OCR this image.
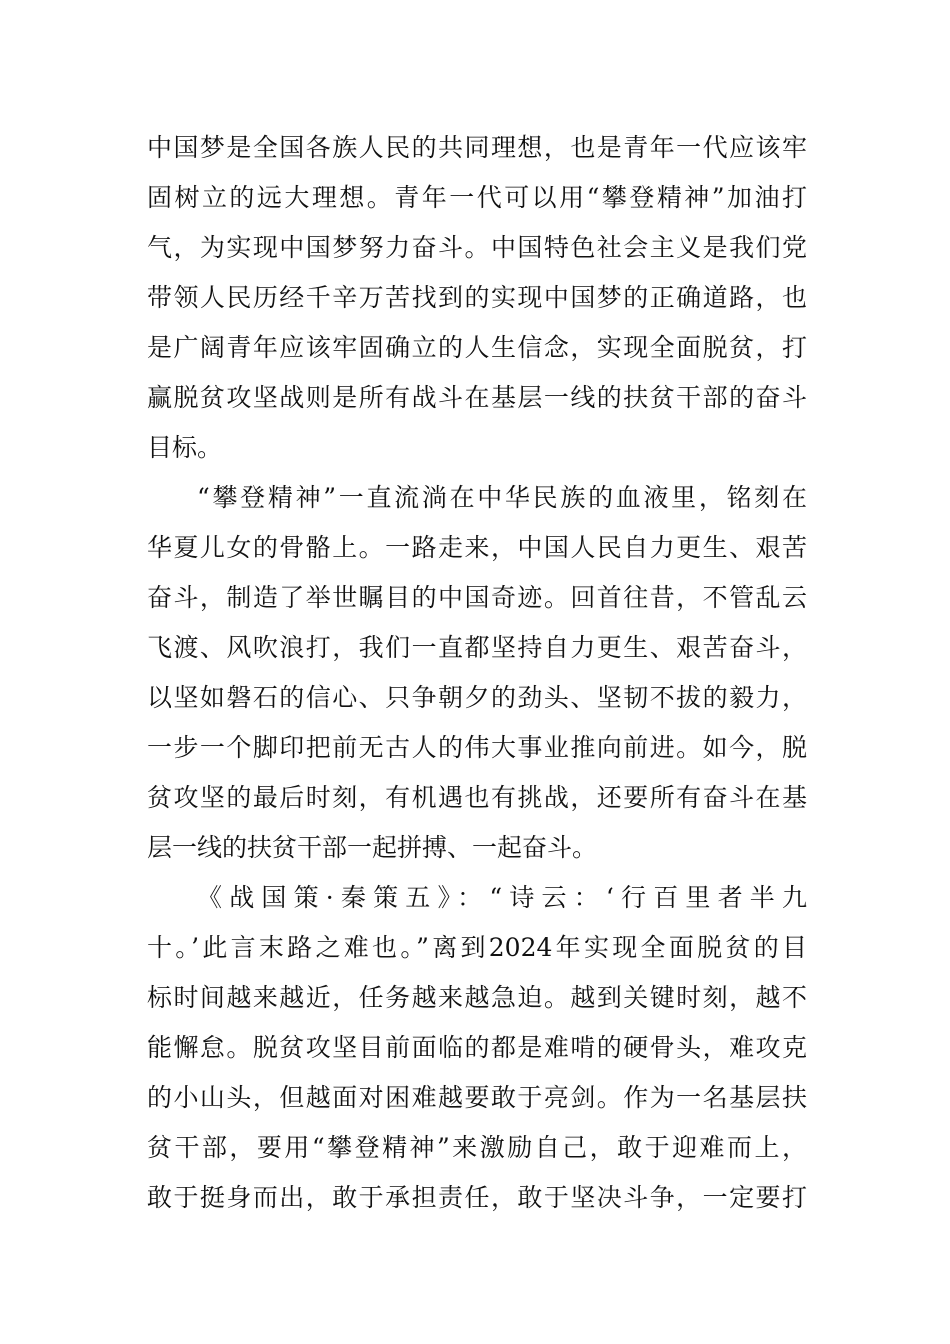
中国梦是全国各族人民的共同理想，也是青年一代应该牢
固树立的远大理想。青年一代可以用“攀登精神”加油打
气，为实现中国梦努力奋斗。中国特色社会主义是我们党
带领人民历经千辛万苦找到的实现中国梦的正确道路，也
是广阔青年应该牢固确立的人生信念，实现全面脱贫，打
赢脱贫攻坚战则是所有战斗在基层一线的扶贫干部的奋斗
目标。
“攀登精神”一直流淌在中华民族的血液里，铭刻在
华夏儿女的骨骼上。一路走来，中国人民自力更生、艰苦
奋斗，制造了举世瞩目的中国奇迹。回首往昔，不管乱云
飞渡、风吹浪打，我们一直都坚持自力更生、艰苦奋斗，
以坚如磐石的信心、只争朝夕的劲头、坚韧不拔的毅力，
一步一个脚印把前无古人的伟大事业推向前进。如今，脱
贫攻坚的最后时刻，有机遇也有挑战，还要所有奋斗在基
层一线的扶贫干部一起拼搏、一起奋斗。
《战国策·秦策五》：“诗云：‘行百里者半九
十。’此言末路之难也。”离到2024年实现全面脱贫的目
标时间越来越近，任务越来越急迫。越到关键时刻，越不
能懈怠。脱贫攻坚目前面临的都是难啃的硬骨头，难攻克
的小山头，但越面对困难越要敢于亮剑。作为一名基层扶
贫干部，要用“攀登精神”来激励自己，敢于迎难而上，
敢于挺身而出，敢于承担责任，敢于坚决斗争，一定要打
